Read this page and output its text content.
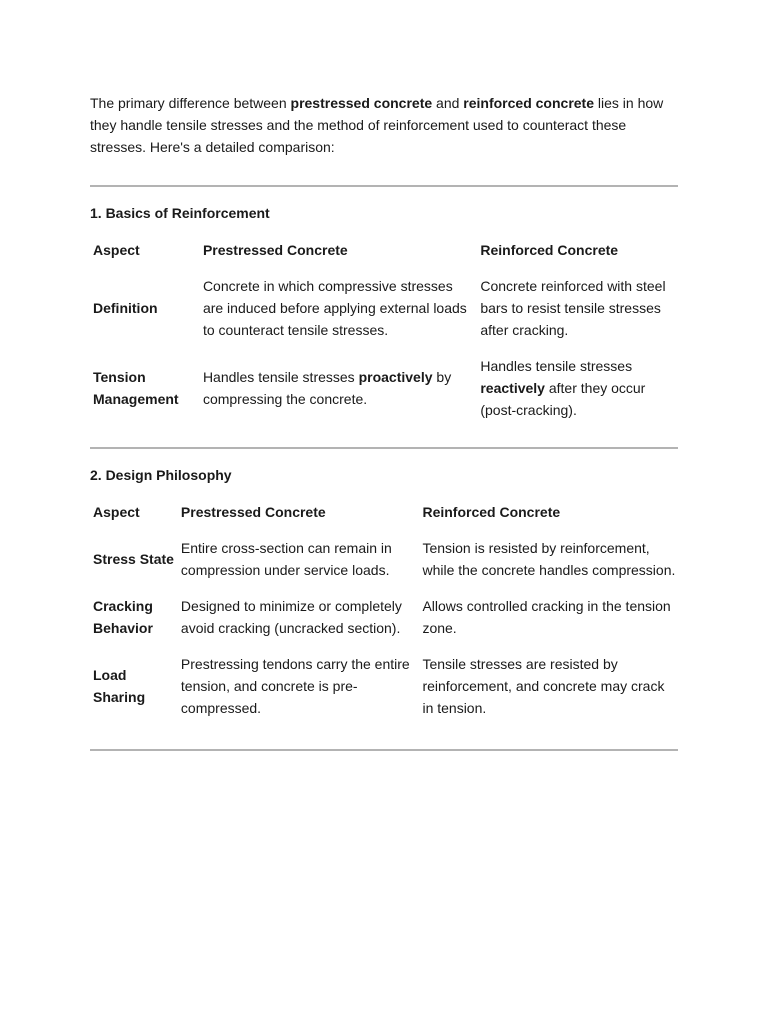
The primary difference between prestressed concrete and reinforced concrete lies in how they handle tensile stresses and the method of reinforcement used to counteract these stresses. Here's a detailed comparison:

1. Basics of Reinforcement
Aspect	Prestressed Concrete	Reinforced Concrete
Definition	Concrete in which compressive stresses are induced before applying external loads to counteract tensile stresses.	Concrete reinforced with steel bars to resist tensile stresses after cracking.
Tension Management	Handles tensile stresses proactively by compressing the concrete.	Handles tensile stresses reactively after they occur (post-cracking).
2. Design Philosophy
Aspect	Prestressed Concrete	Reinforced Concrete
Stress State	Entire cross-section can remain in compression under service loads.	Tension is resisted by reinforcement, while the concrete handles compression.
Cracking Behavior	Designed to minimize or completely avoid cracking (uncracked section).	Allows controlled cracking in the tension zone.
Load Sharing	Prestressing tendons carry the entire tension, and concrete is pre-compressed.	Tensile stresses are resisted by reinforcement, and concrete may crack in tension.
